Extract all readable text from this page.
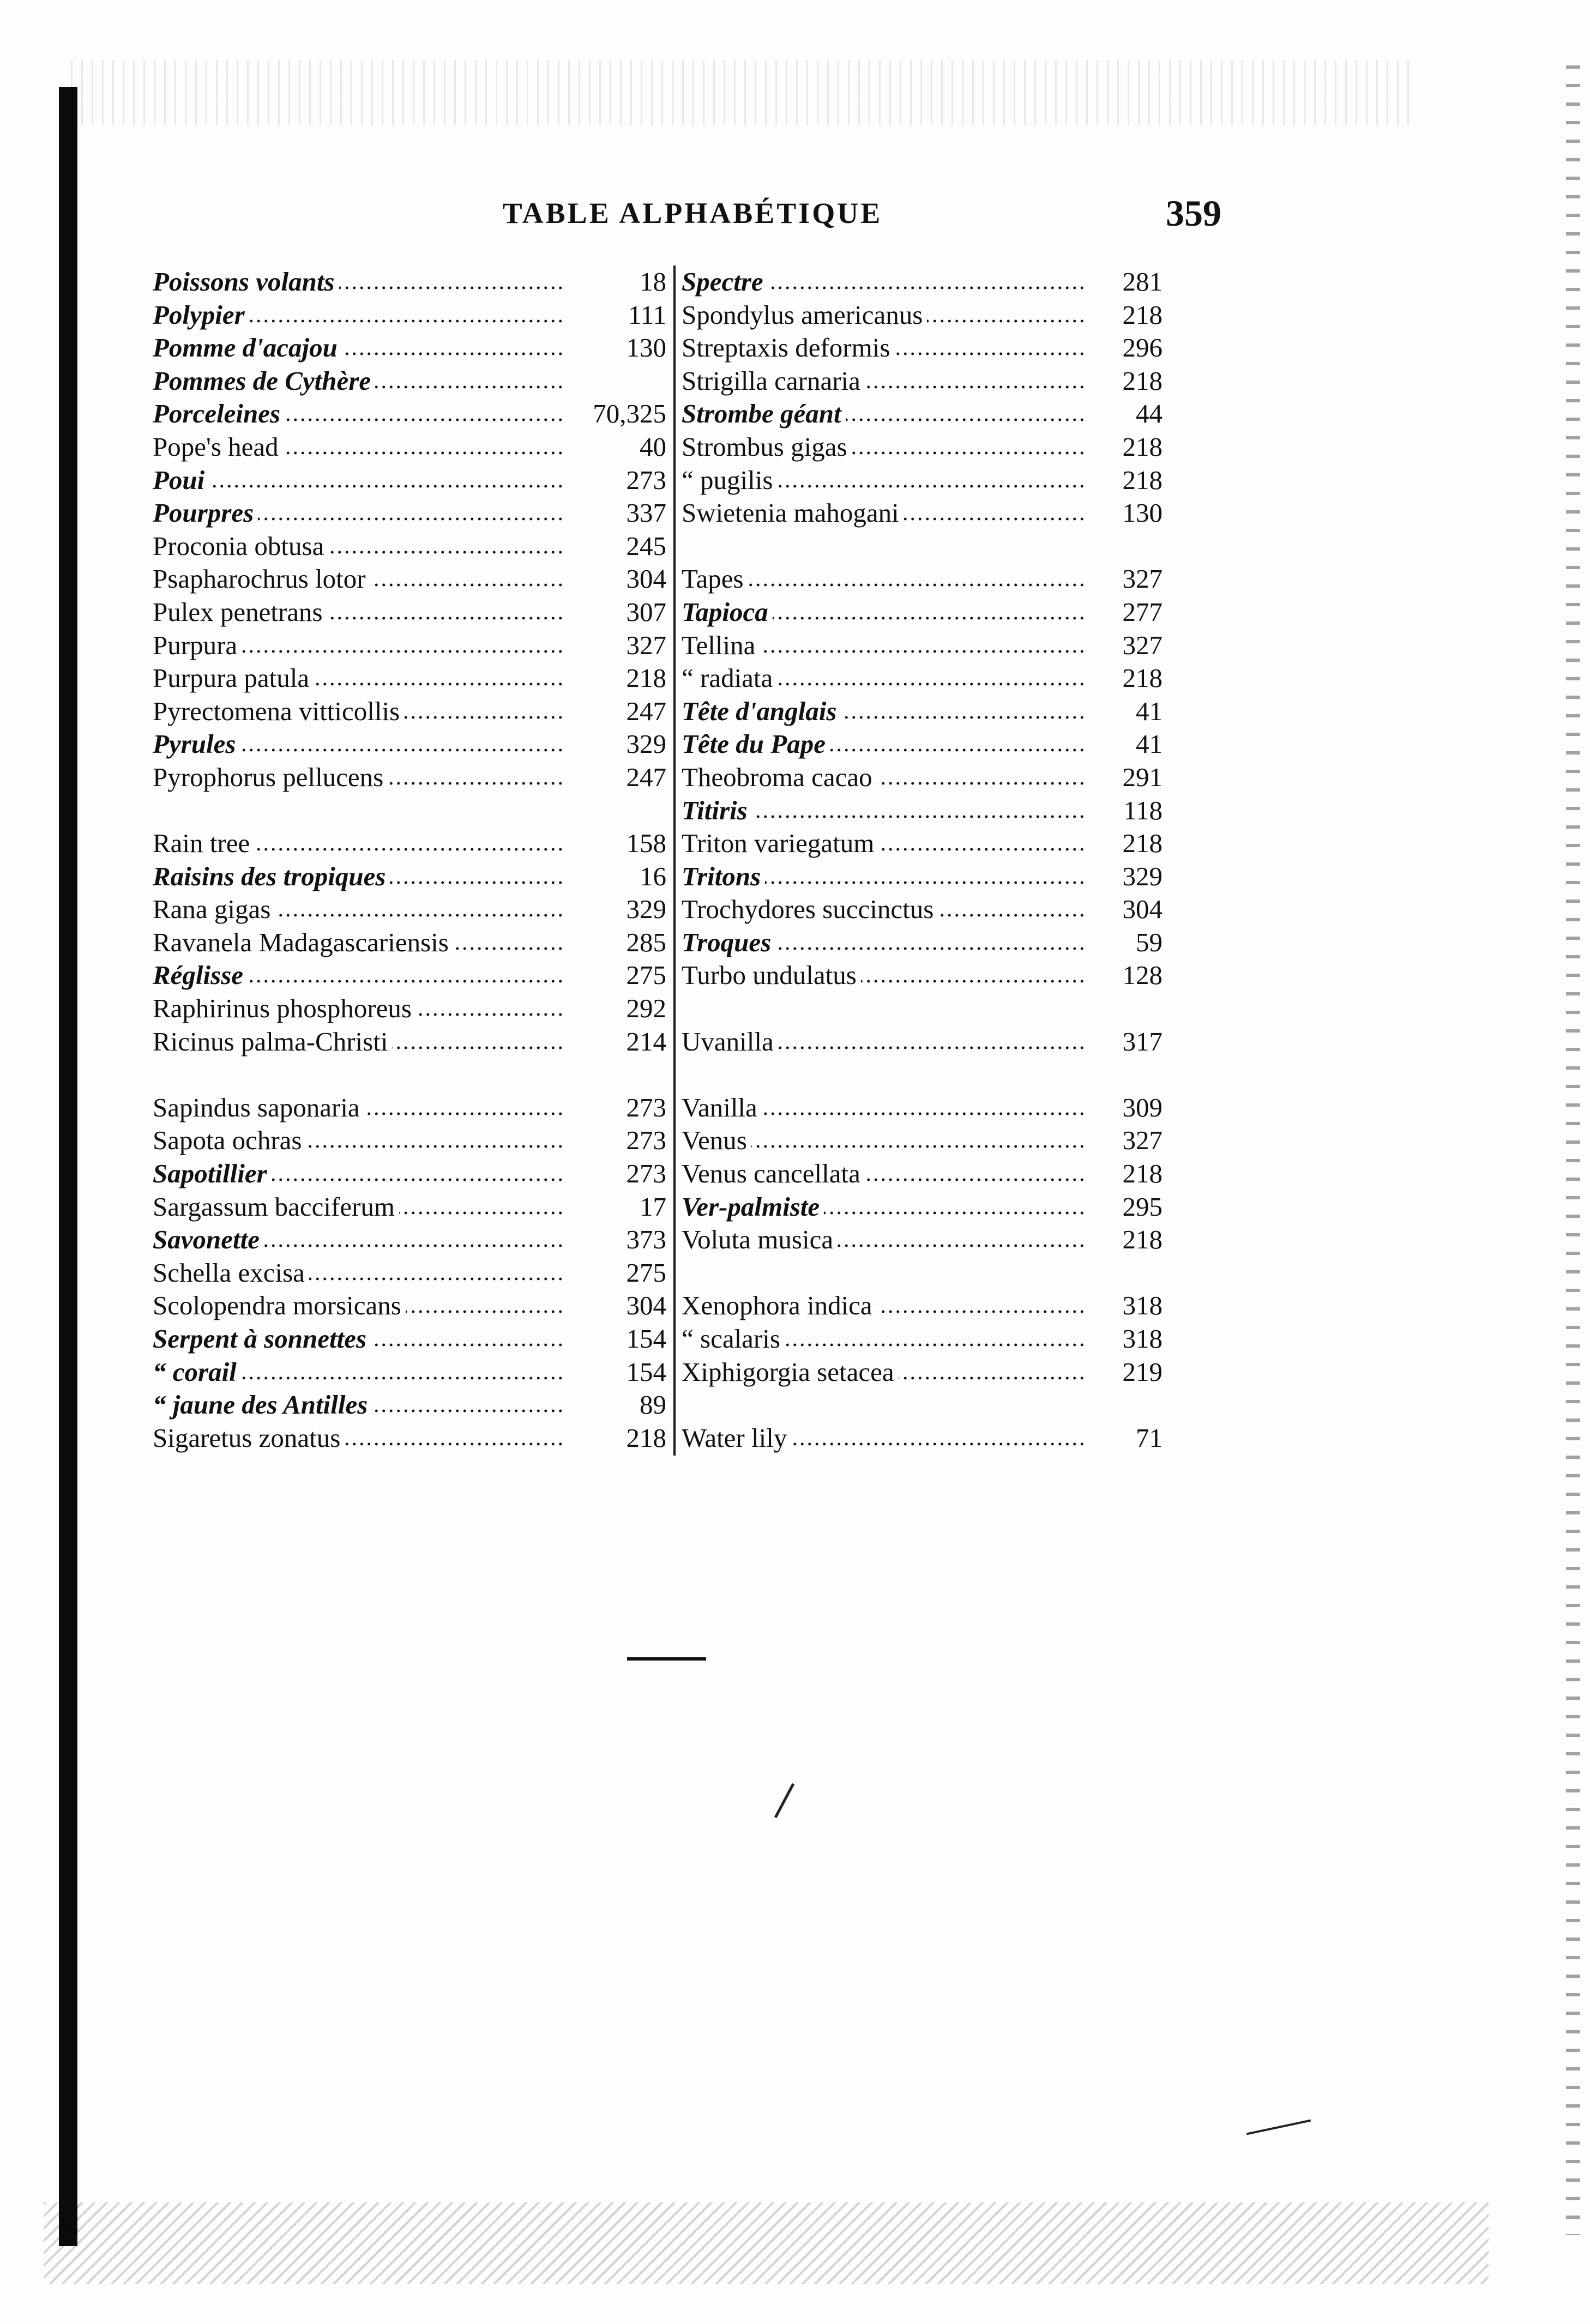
TABLE ALPHABÉTIQUE	359
Poissons volants .....	18
Polypier .....	111
Pomme d'acajou .....	130
Pommes de Cythère .....
Porceleines .....	70,325
Pope's head .....	40
Poui .....	273
Pourpres .....	337
Proconia obtusa .....	245
Psapharochrus lotor .....	304
Pulex penetrans .....	307
Purpura .....	327
Purpura patula .....	218
Pyrectomena vitticollis .....	247
Pyrules .....	329
Pyrophorus pellucens .....	247
Rain tree .....	158
Raisins des tropiques .....	16
Rana gigas .....	329
Ravanela Madagascariensis .....	285
Réglisse .....	275
Raphirinus phosphoreus .....	292
Ricinus palma-Christi .....	214
Sapindus saponaria .....	273
Sapota ochras .....	273
Sapotillier .....	273
Sargassum bacciferum .....	17
Savonette .....	373
Schella excisa .....	275
Scolopendra morsicans .....	304
Serpent à sonnettes .....	154
“ corail .....	154
“ jaune des Antilles .....	89
Sigaretus zonatus .....	218
Spectre .....	281
Spondylus americanus .....	218
Streptaxis deformis .....	296
Strigilla carnaria .....	218
Strombe géant .....	44
Strombus gigas .....	218
“ pugilis .....	218
Swietenia mahogani .....	130
Tapes .....	327
Tapioca .....	277
Tellina .....	327
“ radiata .....	218
Tête d'anglais .....	41
Tête du Pape .....	41
Theobroma cacao .....	291
Titiris .....	118
Triton variegatum .....	218
Tritons .....	329
Trochydores succinctus .....	304
Troques .....	59
Turbo undulatus .....	128
Uvanilla .....	317
Vanilla .....	309
Venus .....	327
Venus cancellata .....	218
Ver-palmiste .....	295
Voluta musica .....	218
Xenophora indica .....	318
“ scalaris .....	318
Xiphigorgia setacea .....	219
Water lily .....	71
